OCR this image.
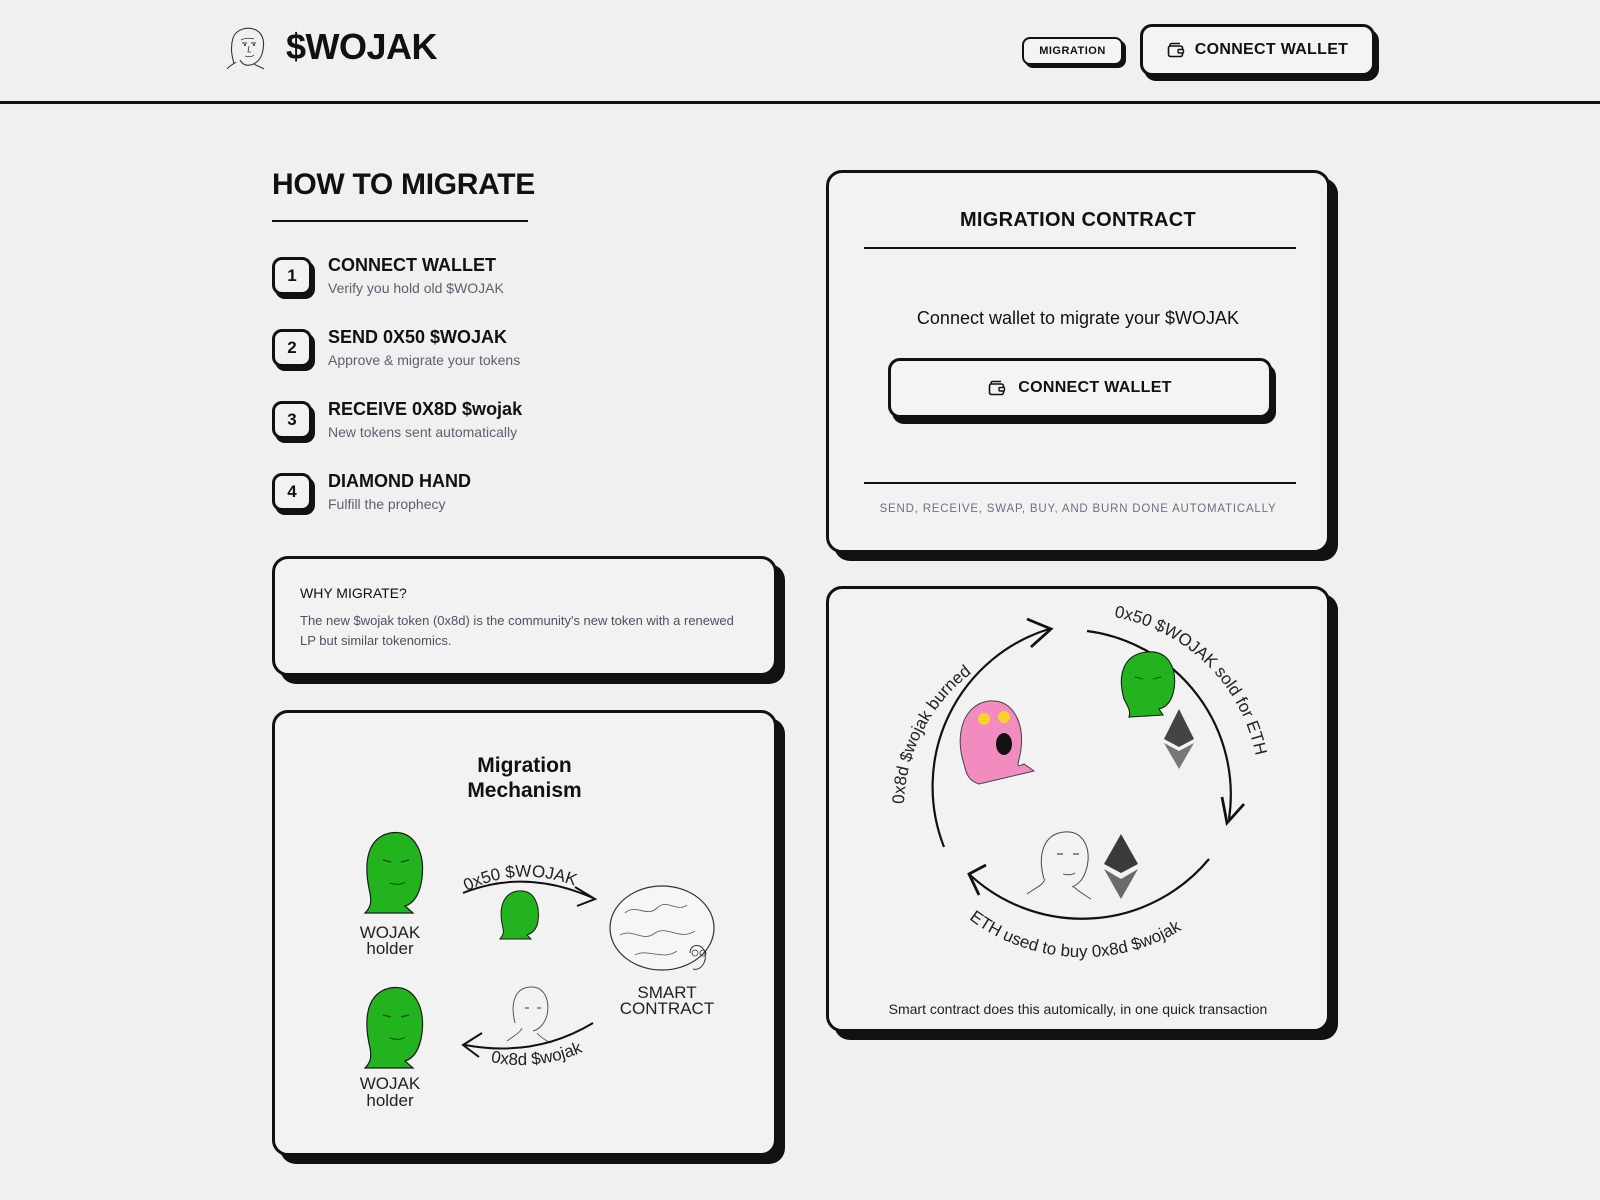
$WOJAK	MIGRATION	CONNECT WALLET
HOW TO MIGRATE
1
CONNECT WALLET
Verify you hold old $WOJAK
2
SEND 0X50 $WOJAK
Approve & migrate your tokens
3
RECEIVE 0X8D $wojak
New tokens sent automatically
4
DIAMOND HAND
Fulfill the prophecy
WHY MIGRATE?
The new $wojak token (0x8d) is the community's new token with a renewed LP but similar tokenomics.
Migration
Mechanism
WOJAK
holder
0x50 $WOJAK
SMART
CONTRACT
0x8d $wojak
WOJAK
holder
MIGRATION CONTRACT
Connect wallet to migrate your $WOJAK
CONNECT WALLET
SEND, RECEIVE, SWAP, BUY, AND BURN DONE AUTOMATICALLY
0x8d $wojak burned
0x50 $WOJAK sold for ETH
ETH used to buy 0x8d $wojak
Smart contract does this automically, in one quick transaction
